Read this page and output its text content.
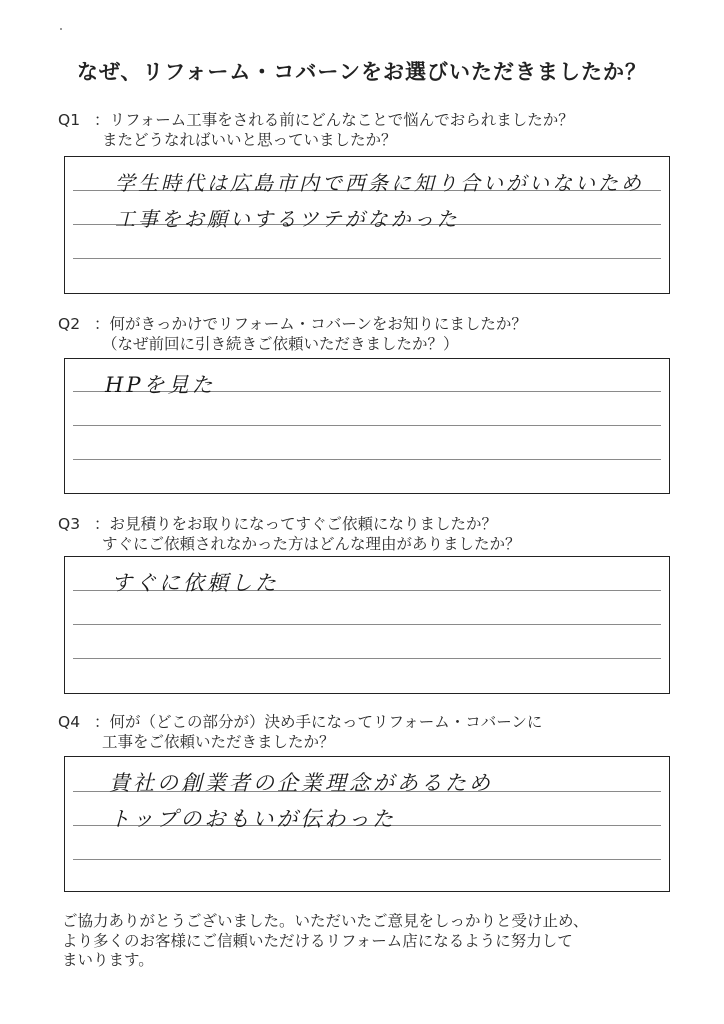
なぜ、リフォーム・コバーンをお選びいただきましたか？
Q1 ：リフォーム工事をされる前にどんなことで悩んでおられましたか？
またどうなればいいと思っていましたか？
学生時代は広島市内で西条に知り合いがいないため
工事をお願いするツテがなかった
Q2 ：何がきっかけでリフォーム・コバーンをお知りにましたか？
（なぜ前回に引き続きご依頼いただきましたか？）
HPを見た
Q3 ：お見積りをお取りになってすぐご依頼になりましたか？
すぐにご依頼されなかった方はどんな理由がありましたか？
すぐに依頼した
Q4 ：何が（どこの部分が）決め手になってリフォーム・コバーンに
工事をご依頼いただきましたか？
貴社の創業者の企業理念があるため
トップのおもいが伝わった
ご協力ありがとうございました。いただいたご意見をしっかりと受け止め、
より多くのお客様にご信頼いただけるリフォーム店になるように努力して
まいります。
